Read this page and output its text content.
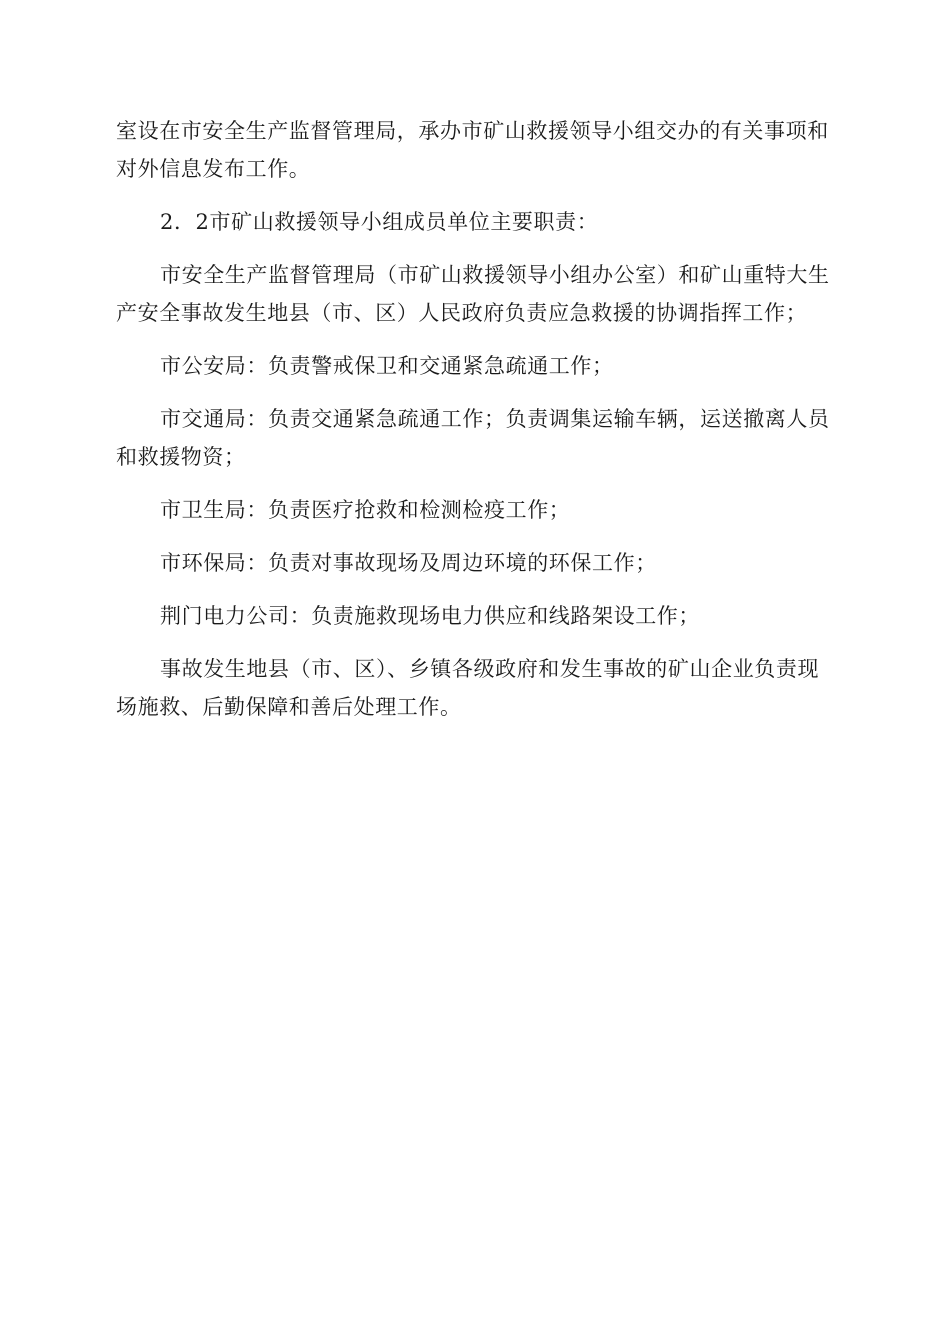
室设在市安全生产监督管理局，承办市矿山救援领导小组交办的有关事项和对外信息发布工作。

2．2市矿山救援领导小组成员单位主要职责：

市安全生产监督管理局（市矿山救援领导小组办公室）和矿山重特大生产安全事故发生地县（市、区）人民政府负责应急救援的协调指挥工作；

市公安局：负责警戒保卫和交通紧急疏通工作；

市交通局：负责交通紧急疏通工作；负责调集运输车辆，运送撤离人员和救援物资；

市卫生局：负责医疗抢救和检测检疫工作；

市环保局：负责对事故现场及周边环境的环保工作；

荆门电力公司：负责施救现场电力供应和线路架设工作；

事故发生地县（市、区）、乡镇各级政府和发生事故的矿山企业负责现场施救、后勤保障和善后处理工作。
